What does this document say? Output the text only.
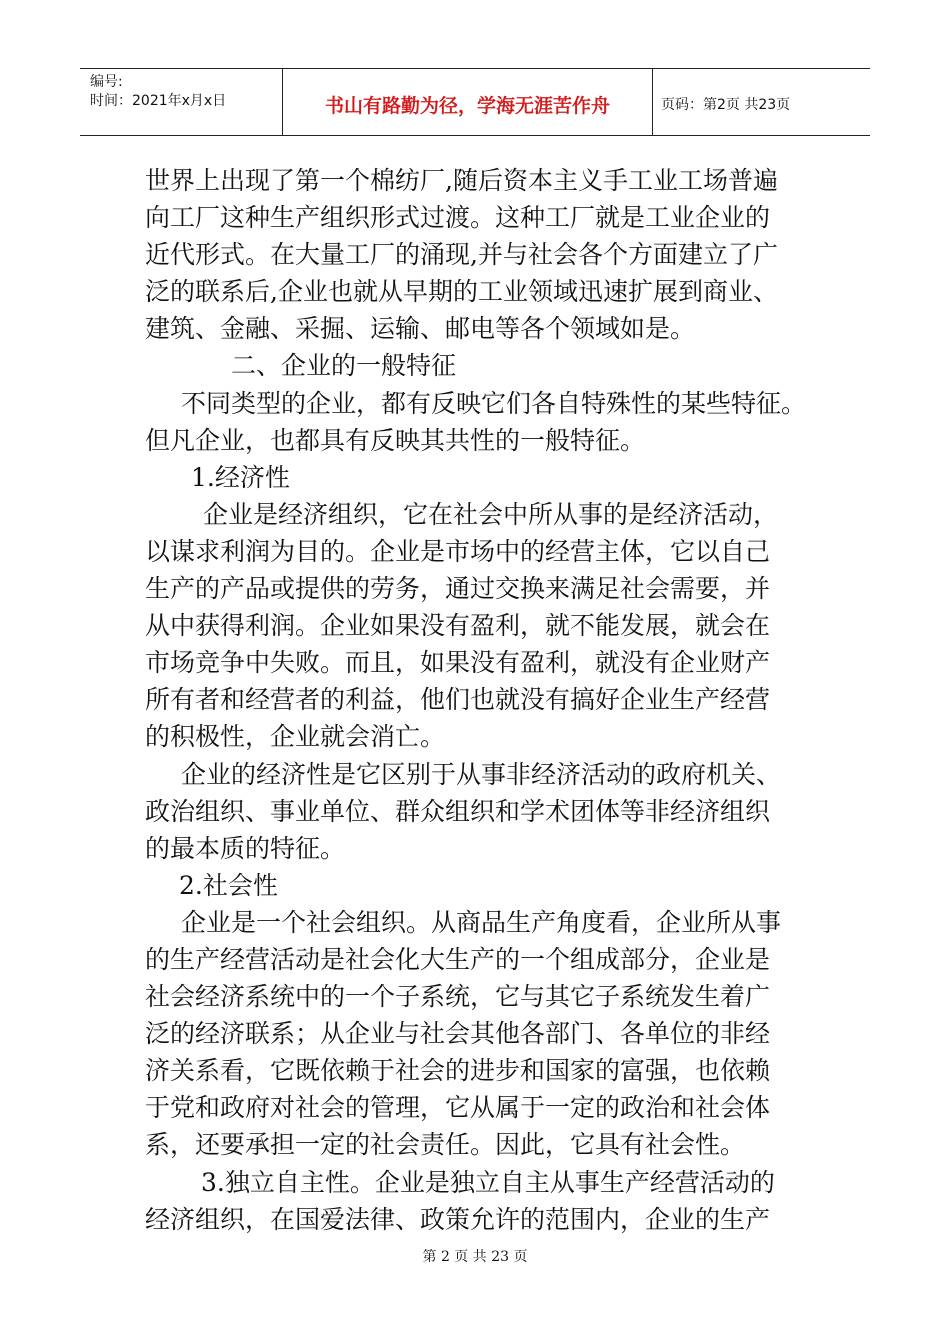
编号:
时间：2021年x月x日	书山有路勤为径，学海无涯苦作舟	页码：第2页 共23页
世界上出现了第一个棉纺厂,随后资本主义手工业工场普遍
向工厂这种生产组织形式过渡。这种工厂就是工业企业的
近代形式。在大量工厂的涌现,并与社会各个方面建立了广
泛的联系后,企业也就从早期的工业领域迅速扩展到商业、
建筑、金融、采掘、运输、邮电等各个领域如是。
二、企业的一般特征
不同类型的企业，都有反映它们各自特殊性的某些特征。
但凡企业，也都具有反映其共性的一般特征。
1.经济性
企业是经济组织，它在社会中所从事的是经济活动，
以谋求利润为目的。企业是市场中的经营主体，它以自己
生产的产品或提供的劳务，通过交换来满足社会需要，并
从中获得利润。企业如果没有盈利，就不能发展，就会在
市场竞争中失败。而且，如果没有盈利，就没有企业财产
所有者和经营者的利益，他们也就没有搞好企业生产经营
的积极性，企业就会消亡。
企业的经济性是它区别于从事非经济活动的政府机关、
政治组织、事业单位、群众组织和学术团体等非经济组织
的最本质的特征。
2.社会性
企业是一个社会组织。从商品生产角度看，企业所从事
的生产经营活动是社会化大生产的一个组成部分，企业是
社会经济系统中的一个子系统，它与其它子系统发生着广
泛的经济联系；从企业与社会其他各部门、各单位的非经
济关系看，它既依赖于社会的进步和国家的富强，也依赖
于党和政府对社会的管理，它从属于一定的政治和社会体
系，还要承担一定的社会责任。因此，它具有社会性。
3.独立自主性。企业是独立自主从事生产经营活动的
经济组织，在国爱法律、政策允许的范围内，企业的生产
第 2 页 共 23 页
